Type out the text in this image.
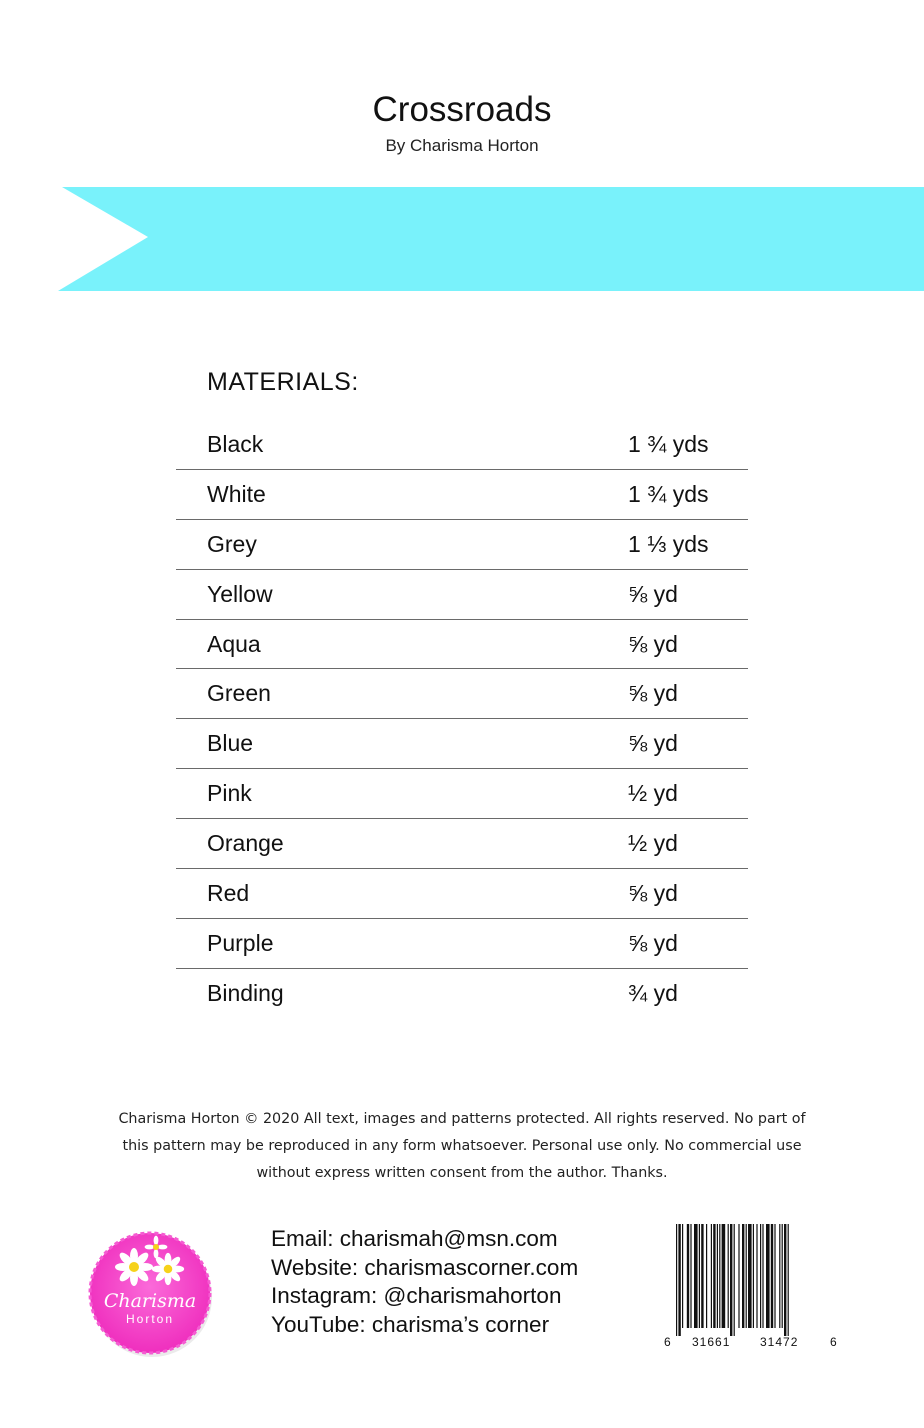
Crossroads
By Charisma Horton
MATERIALS:
Black	1 ¾ yds
White	1 ¾ yds
Grey	1 ⅓ yds
Yellow	⅝ yd
Aqua	⅝ yd
Green	⅝ yd
Blue	⅝ yd
Pink	½ yd
Orange	½ yd
Red	⅝ yd
Purple	⅝ yd
Binding	¾ yd
Charisma Horton © 2020 All text, images and patterns protected. All rights reserved. No part of
this pattern may be reproduced in any form whatsoever. Personal use only. No commercial use
without express written consent from the author. Thanks.
Charisma
Horton
Email: charismah@msn.com
Website: charismascorner.com
Instagram: @charismahorton
YouTube: charisma’s corner
6 31661 31472	6
